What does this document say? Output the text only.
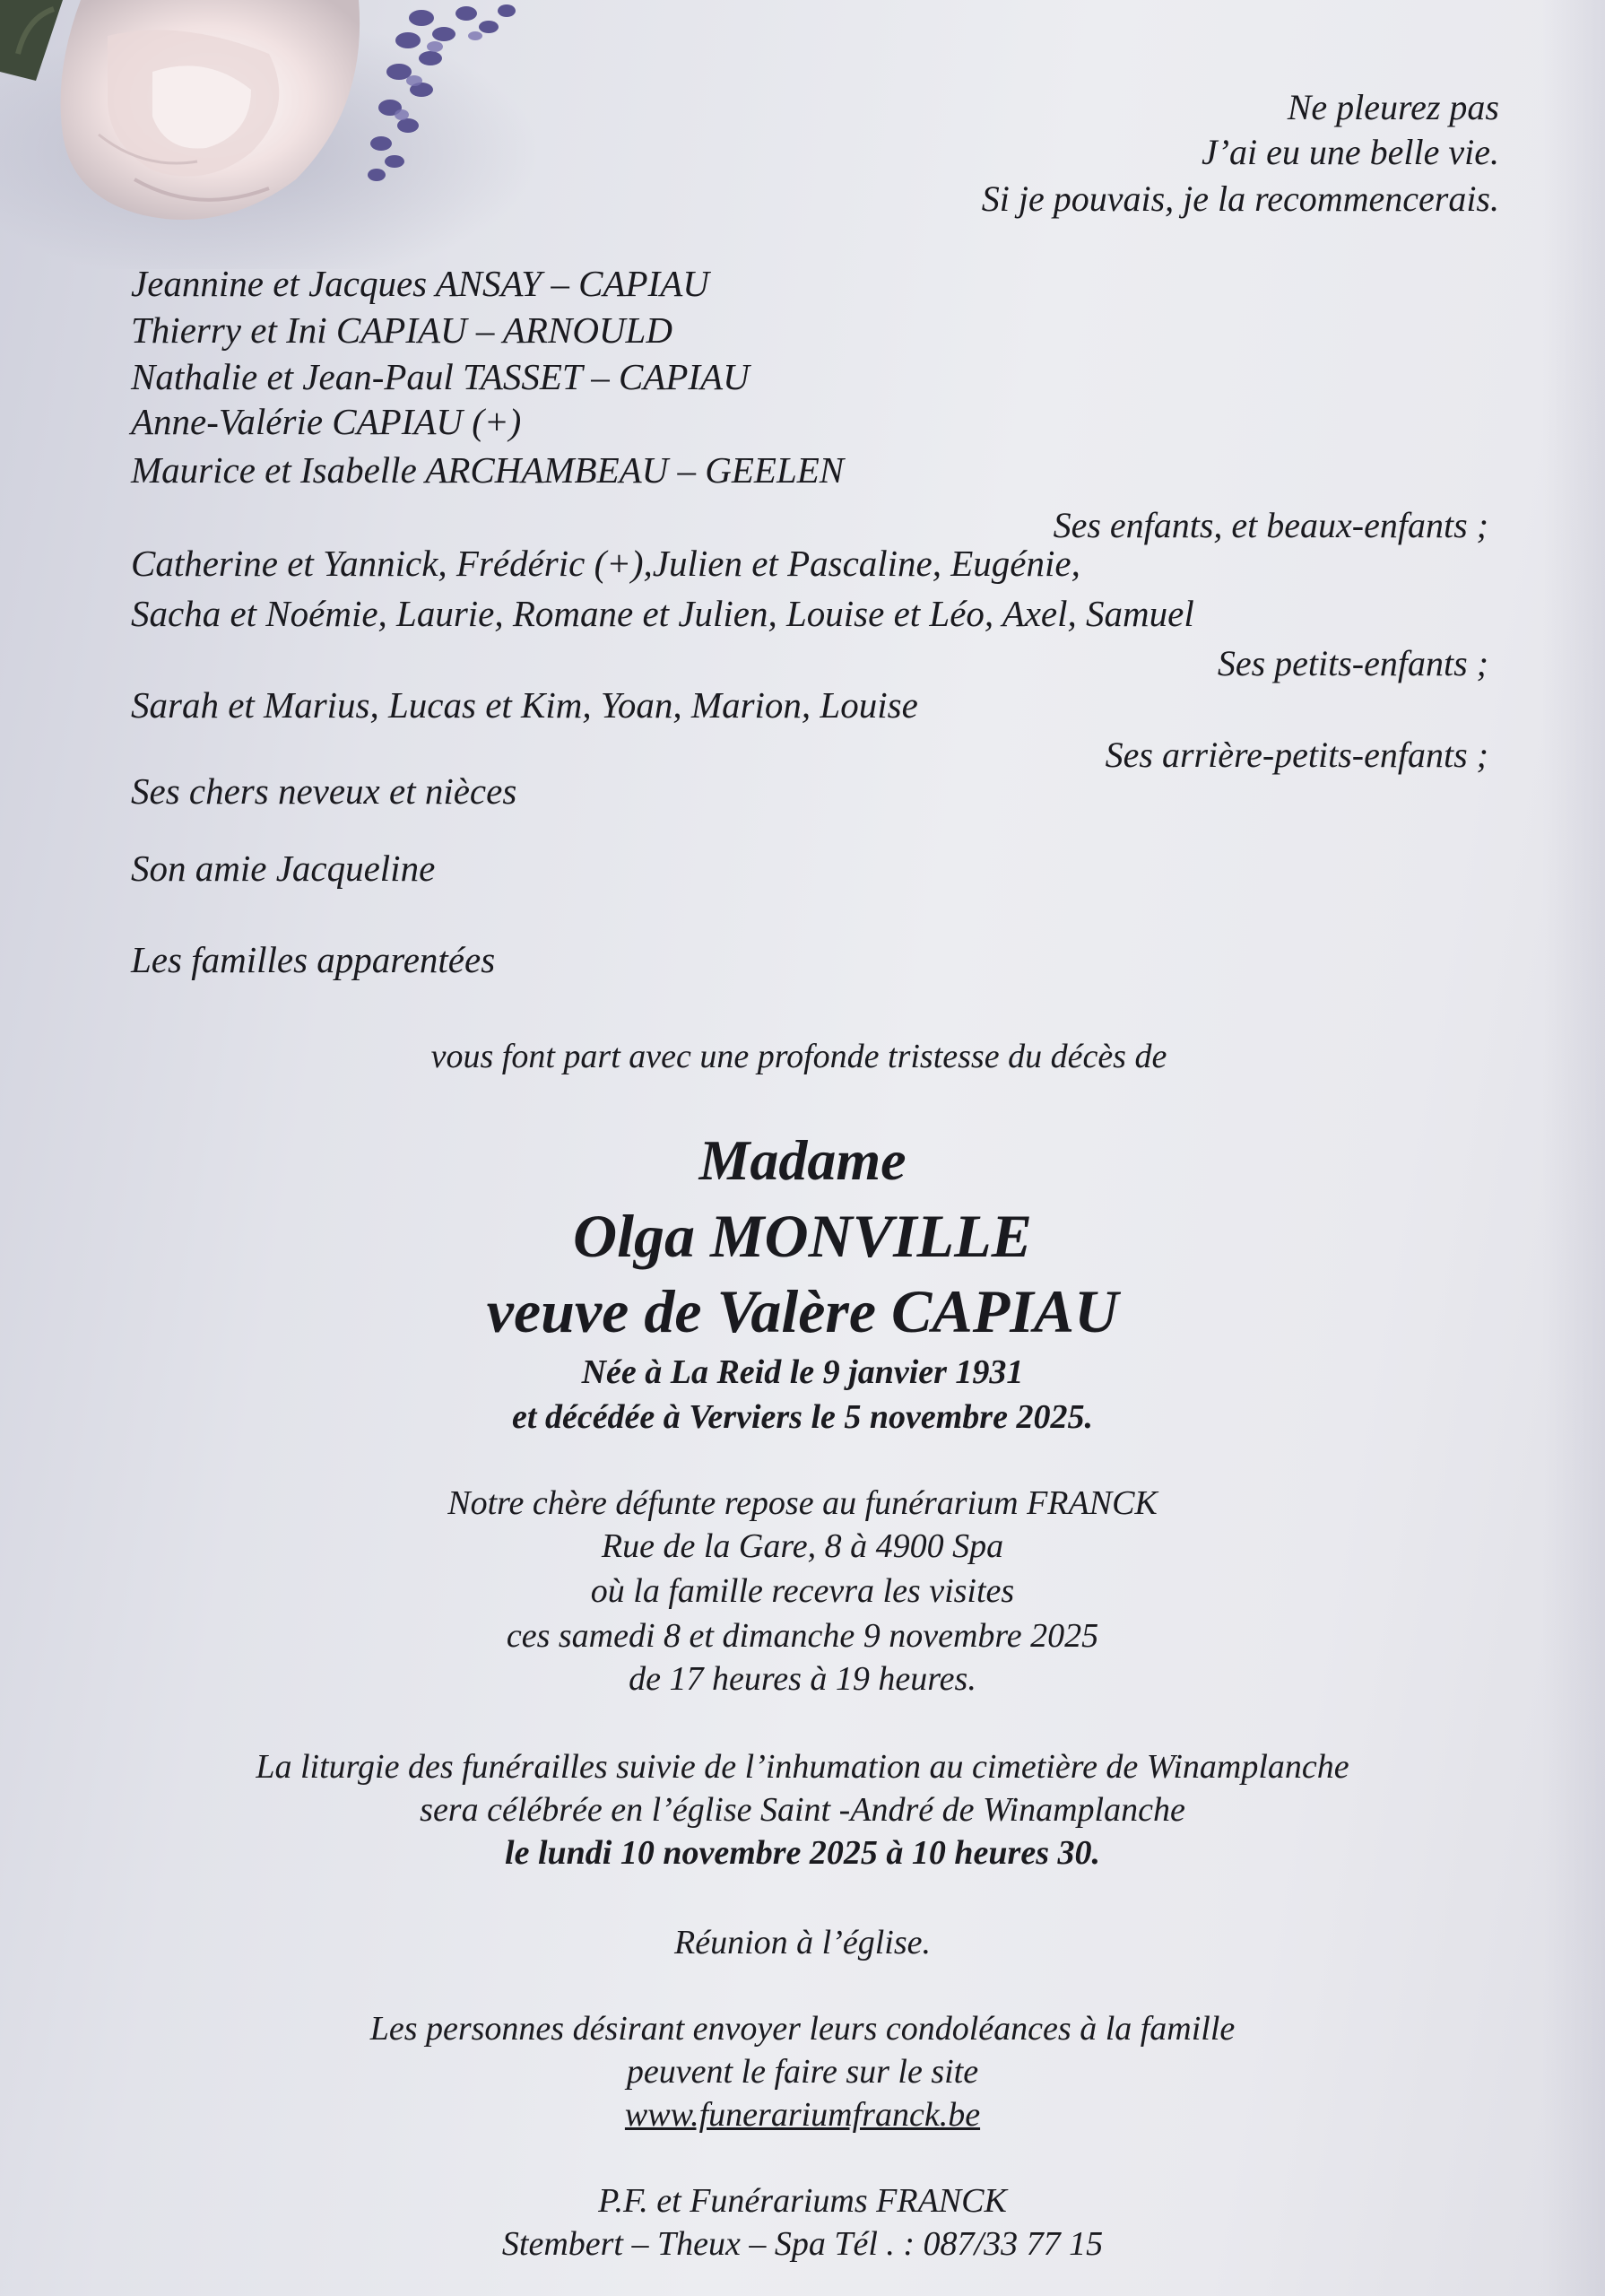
Ne pleurez pas
J’ai eu une belle vie.
Si je pouvais, je la recommencerais.
Jeannine et Jacques ANSAY – CAPIAU
Thierry et Ini CAPIAU – ARNOULD
Nathalie et Jean-Paul TASSET – CAPIAU
Anne-Valérie CAPIAU (+)
Maurice et Isabelle ARCHAMBEAU – GEELEN
Ses enfants, et beaux-enfants ;
Catherine et Yannick, Frédéric (+),Julien et Pascaline, Eugénie,
Sacha et Noémie, Laurie, Romane et Julien, Louise et Léo, Axel, Samuel
Ses petits-enfants ;
Sarah et Marius, Lucas et Kim, Yoan, Marion, Louise
Ses arrière-petits-enfants ;
Ses chers neveux et nièces
Son amie Jacqueline
Les familles apparentées
vous font part avec une profonde tristesse du décès de
Madame
Olga MONVILLE
veuve de Valère CAPIAU
Née à La Reid le 9 janvier 1931
et décédée à Verviers le 5 novembre 2025.
Notre chère défunte repose au funérarium FRANCK
Rue de la Gare, 8 à 4900 Spa
où la famille recevra les visites
ces samedi 8 et dimanche 9 novembre 2025
de 17 heures à 19 heures.
La liturgie des funérailles suivie de l’inhumation au cimetière de Winamplanche
sera célébrée en l’église Saint -André de Winamplanche
le lundi 10 novembre 2025 à 10 heures 30.
Réunion à l’église.
Les personnes désirant envoyer leurs condoléances à la famille
peuvent le faire sur le site
www.funerariumfranck.be
P.F. et Funérariums FRANCK
Stembert – Theux – Spa Tél . : 087/33 77 15
